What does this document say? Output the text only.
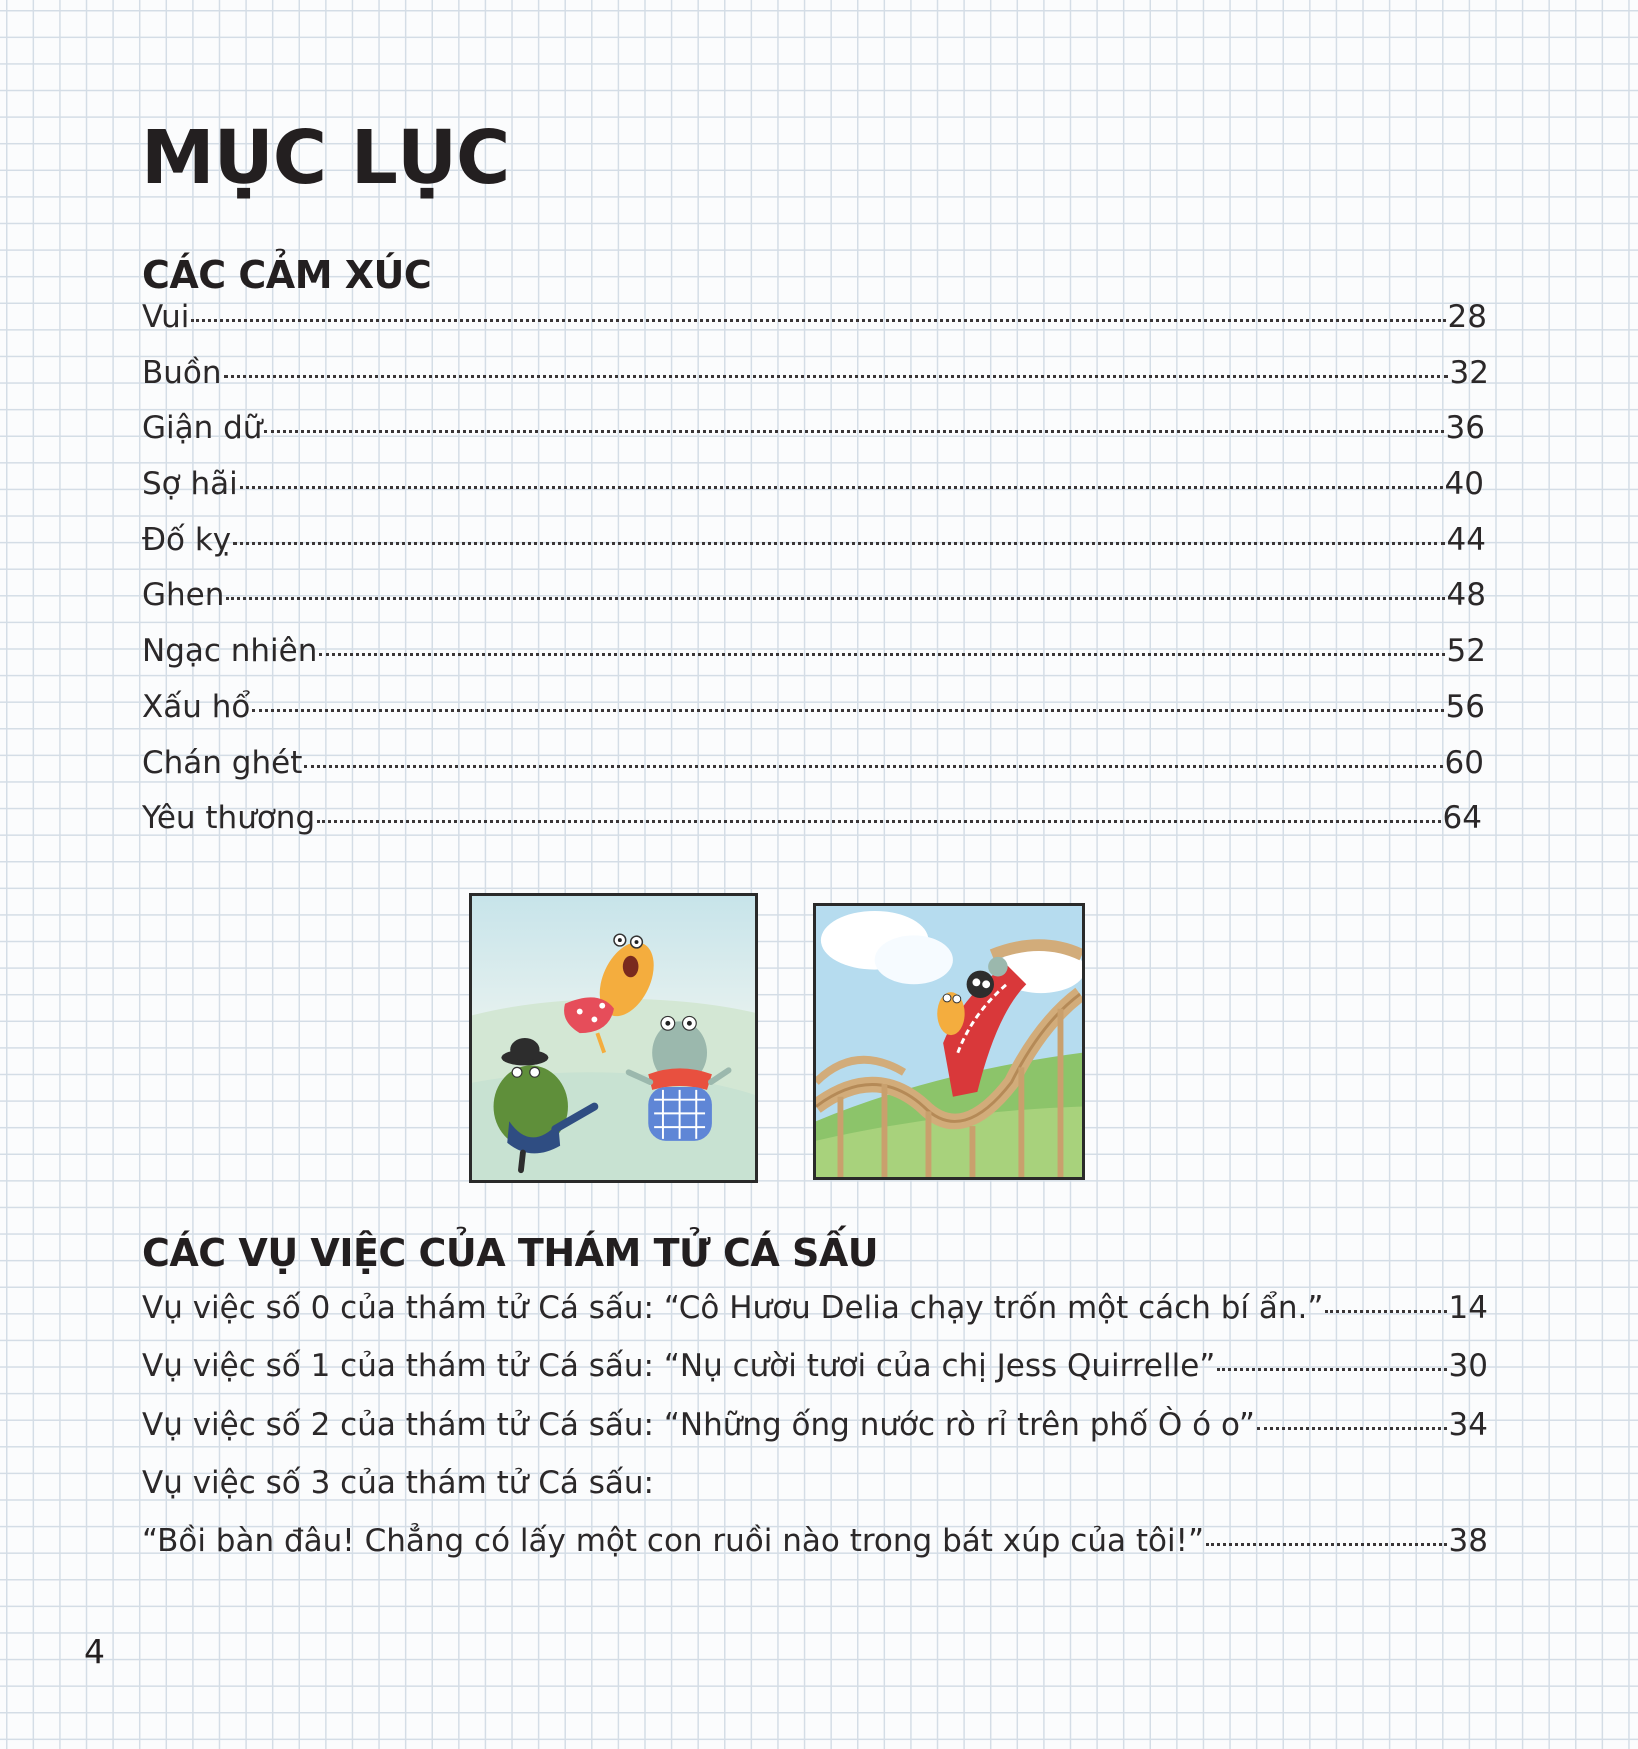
MỤC LỤC
CÁC CẢM XÚC
Vui	28
Buồn	32
Giận dữ	36
Sợ hãi	40
Đố kỵ	44
Ghen	48
Ngạc nhiên	52
Xấu hổ	56
Chán ghét	60
Yêu thương	64
CÁC VỤ VIỆC CỦA THÁM TỬ CÁ SẤU
Vụ việc số 0 của thám tử Cá sấu: “Cô Hươu Delia chạy trốn một cách bí ẩn.”	14
Vụ việc số 1 của thám tử Cá sấu: “Nụ cười tươi của chị Jess Quirrelle”	30
Vụ việc số 2 của thám tử Cá sấu: “Những ống nước rò rỉ trên phố Ò ó o”	34
Vụ việc số 3 của thám tử Cá sấu:
“Bồi bàn đâu! Chẳng có lấy một con ruồi nào trong bát xúp của tôi!”	38
4
